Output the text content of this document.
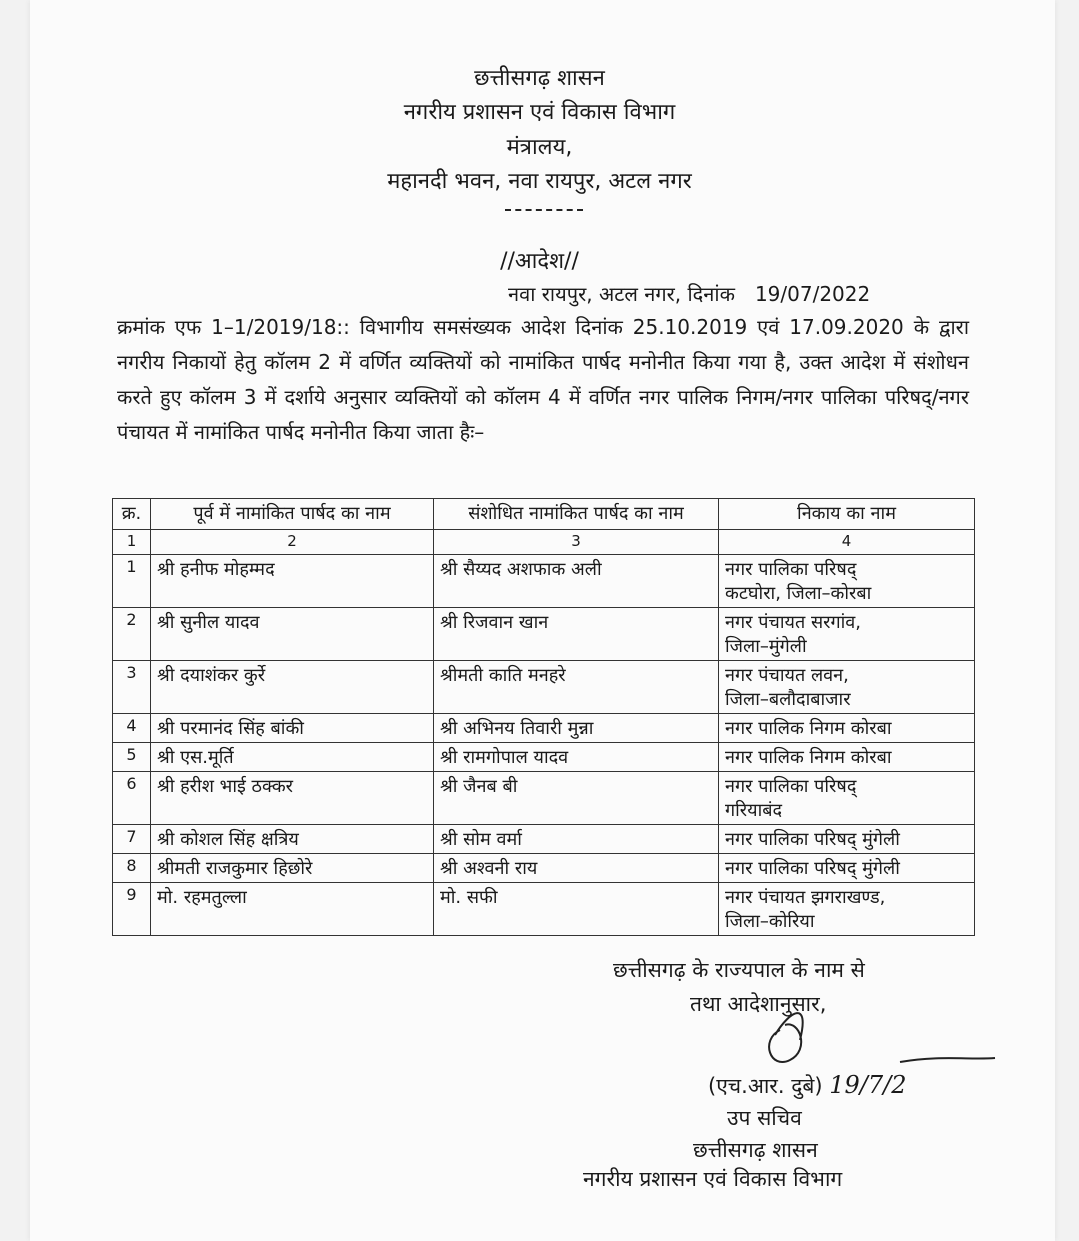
छत्तीसगढ़ शासन
नगरीय प्रशासन एवं विकास विभाग
मंत्रालय,
महानदी भवन, नवा रायपुर, अटल नगर
//आदेश//
नवा रायपुर, अटल नगर, दिनांक 19/07/2022
क्रमांक एफ 1–1/2019/18:: विभागीय समसंख्यक आदेश दिनांक 25.10.2019 एवं 17.09.2020 के द्वारा नगरीय निकायों हेतु कॉलम 2 में वर्णित व्यक्तियों को नामांकित पार्षद मनोनीत किया गया है, उक्त आदेश में संशोधन करते हुए कॉलम 3 में दर्शाये अनुसार व्यक्तियों को कॉलम 4 में वर्णित नगर पालिक निगम/नगर पालिका परिषद्/नगर पंचायत में नामांकित पार्षद मनोनीत किया जाता हैः–
क्र.	पूर्व में नामांकित पार्षद का नाम	संशोधित नामांकित पार्षद का नाम	निकाय का नाम
1	2	3	4
1	श्री हनीफ मोहम्मद	श्री सैय्यद अशफाक अली	नगर पालिका परिषद्
कटघोरा, जिला–कोरबा

2	श्री सुनील यादव	श्री रिजवान खान	नगर पंचायत सरगांव,
जिला–मुंगेली

3	श्री दयाशंकर कुर्रे	श्रीमती काति मनहरे	नगर पंचायत लवन,
जिला–बलौदाबाजार

4	श्री परमानंद सिंह बांकी	श्री अभिनय तिवारी मुन्ना	नगर पालिक निगम कोरबा

5	श्री एस.मूर्ति	श्री रामगोपाल यादव	नगर पालिक निगम कोरबा

6	श्री हरीश भाई ठक्कर	श्री जैनब बी	नगर पालिका परिषद्
गरियाबंद

7	श्री कोशल सिंह क्षत्रिय	श्री सोम वर्मा	नगर पालिका परिषद् मुंगेली

8	श्रीमती राजकुमार हिछोरे	श्री अश्वनी राय	नगर पालिका परिषद् मुंगेली

9	मो. रहमतुल्ला	मो. सफी	नगर पंचायत झगराखण्ड,
जिला–कोरिया
छत्तीसगढ़ के राज्यपाल के नाम से
तथा आदेशानुसार,
(एच.आर. दुबे) 19/7/2
उप सचिव
छत्तीसगढ़ शासन
नगरीय प्रशासन एवं विकास विभाग
